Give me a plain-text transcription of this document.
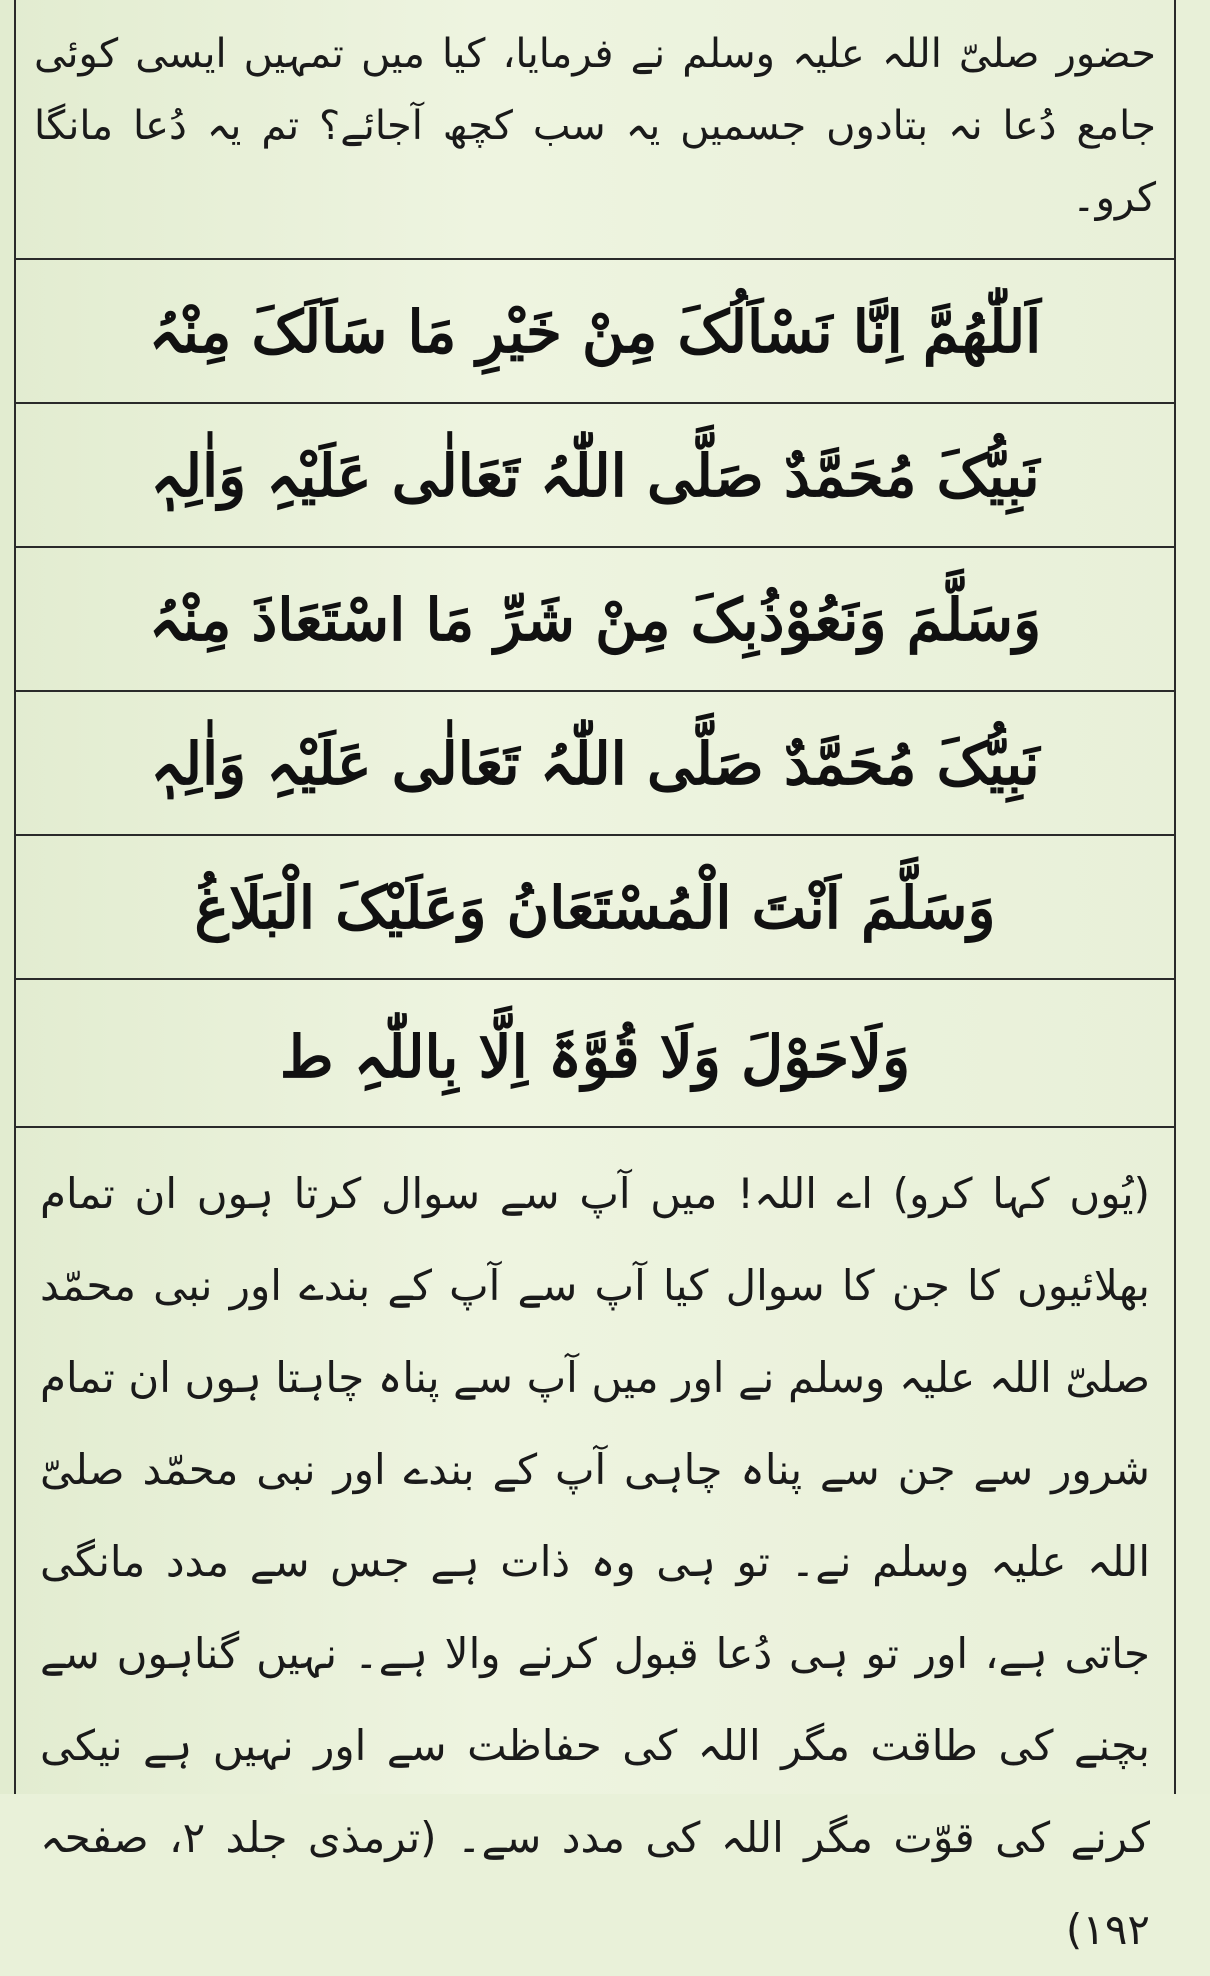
حضور صلیّ اللہ علیہ وسلم نے فرمایا، کیا میں تمہیں ایسی کوئی جامع دُعا نہ بتادوں جسمیں یہ سب کچھ آجائے؟ تم یہ دُعا مانگا کرو۔
اَللّٰھُمَّ اِنَّا نَسْاَلُکَ مِنْ خَیْرِ مَا سَاَلَکَ مِنْہُ
نَبِیُّکَ مُحَمَّدٌ صَلَّی اللّٰہُ تَعَالٰی عَلَیْہِ وَاٰلِہٖ
وَسَلَّمَ وَنَعُوْذُبِکَ مِنْ شَرِّ مَا اسْتَعَاذَ مِنْہُ
نَبِیُّکَ مُحَمَّدٌ صَلَّی اللّٰہُ تَعَالٰی عَلَیْہِ وَاٰلِہٖ
وَسَلَّمَ اَنْتَ الْمُسْتَعَانُ وَعَلَیْکَ الْبَلَاغُ
وَلَاحَوْلَ وَلَا قُوَّۃَ اِلَّا بِاللّٰہِ ط
(یُوں کہا کرو) اے اللہ! میں آپ سے سوال کرتا ہوں ان تمام بھلائیوں کا جن کا سوال کیا آپ سے آپ کے بندے اور نبی محمّد صلیّ اللہ علیہ وسلم نے اور میں آپ سے پناہ چاہتا ہوں ان تمام شرور سے جن سے پناہ چاہی آپ کے بندے اور نبی محمّد صلیّ اللہ علیہ وسلم نے۔ تو ہی وہ ذات ہے جس سے مدد مانگی جاتی ہے، اور تو ہی دُعا قبول کرنے والا ہے۔ نہیں گناہوں سے بچنے کی طاقت مگر اللہ کی حفاظت سے اور نہیں ہے نیکی کرنے کی قوّت مگر اللہ کی مدد سے۔ (ترمذی جلد ۲، صفحہ ۱۹۲)
